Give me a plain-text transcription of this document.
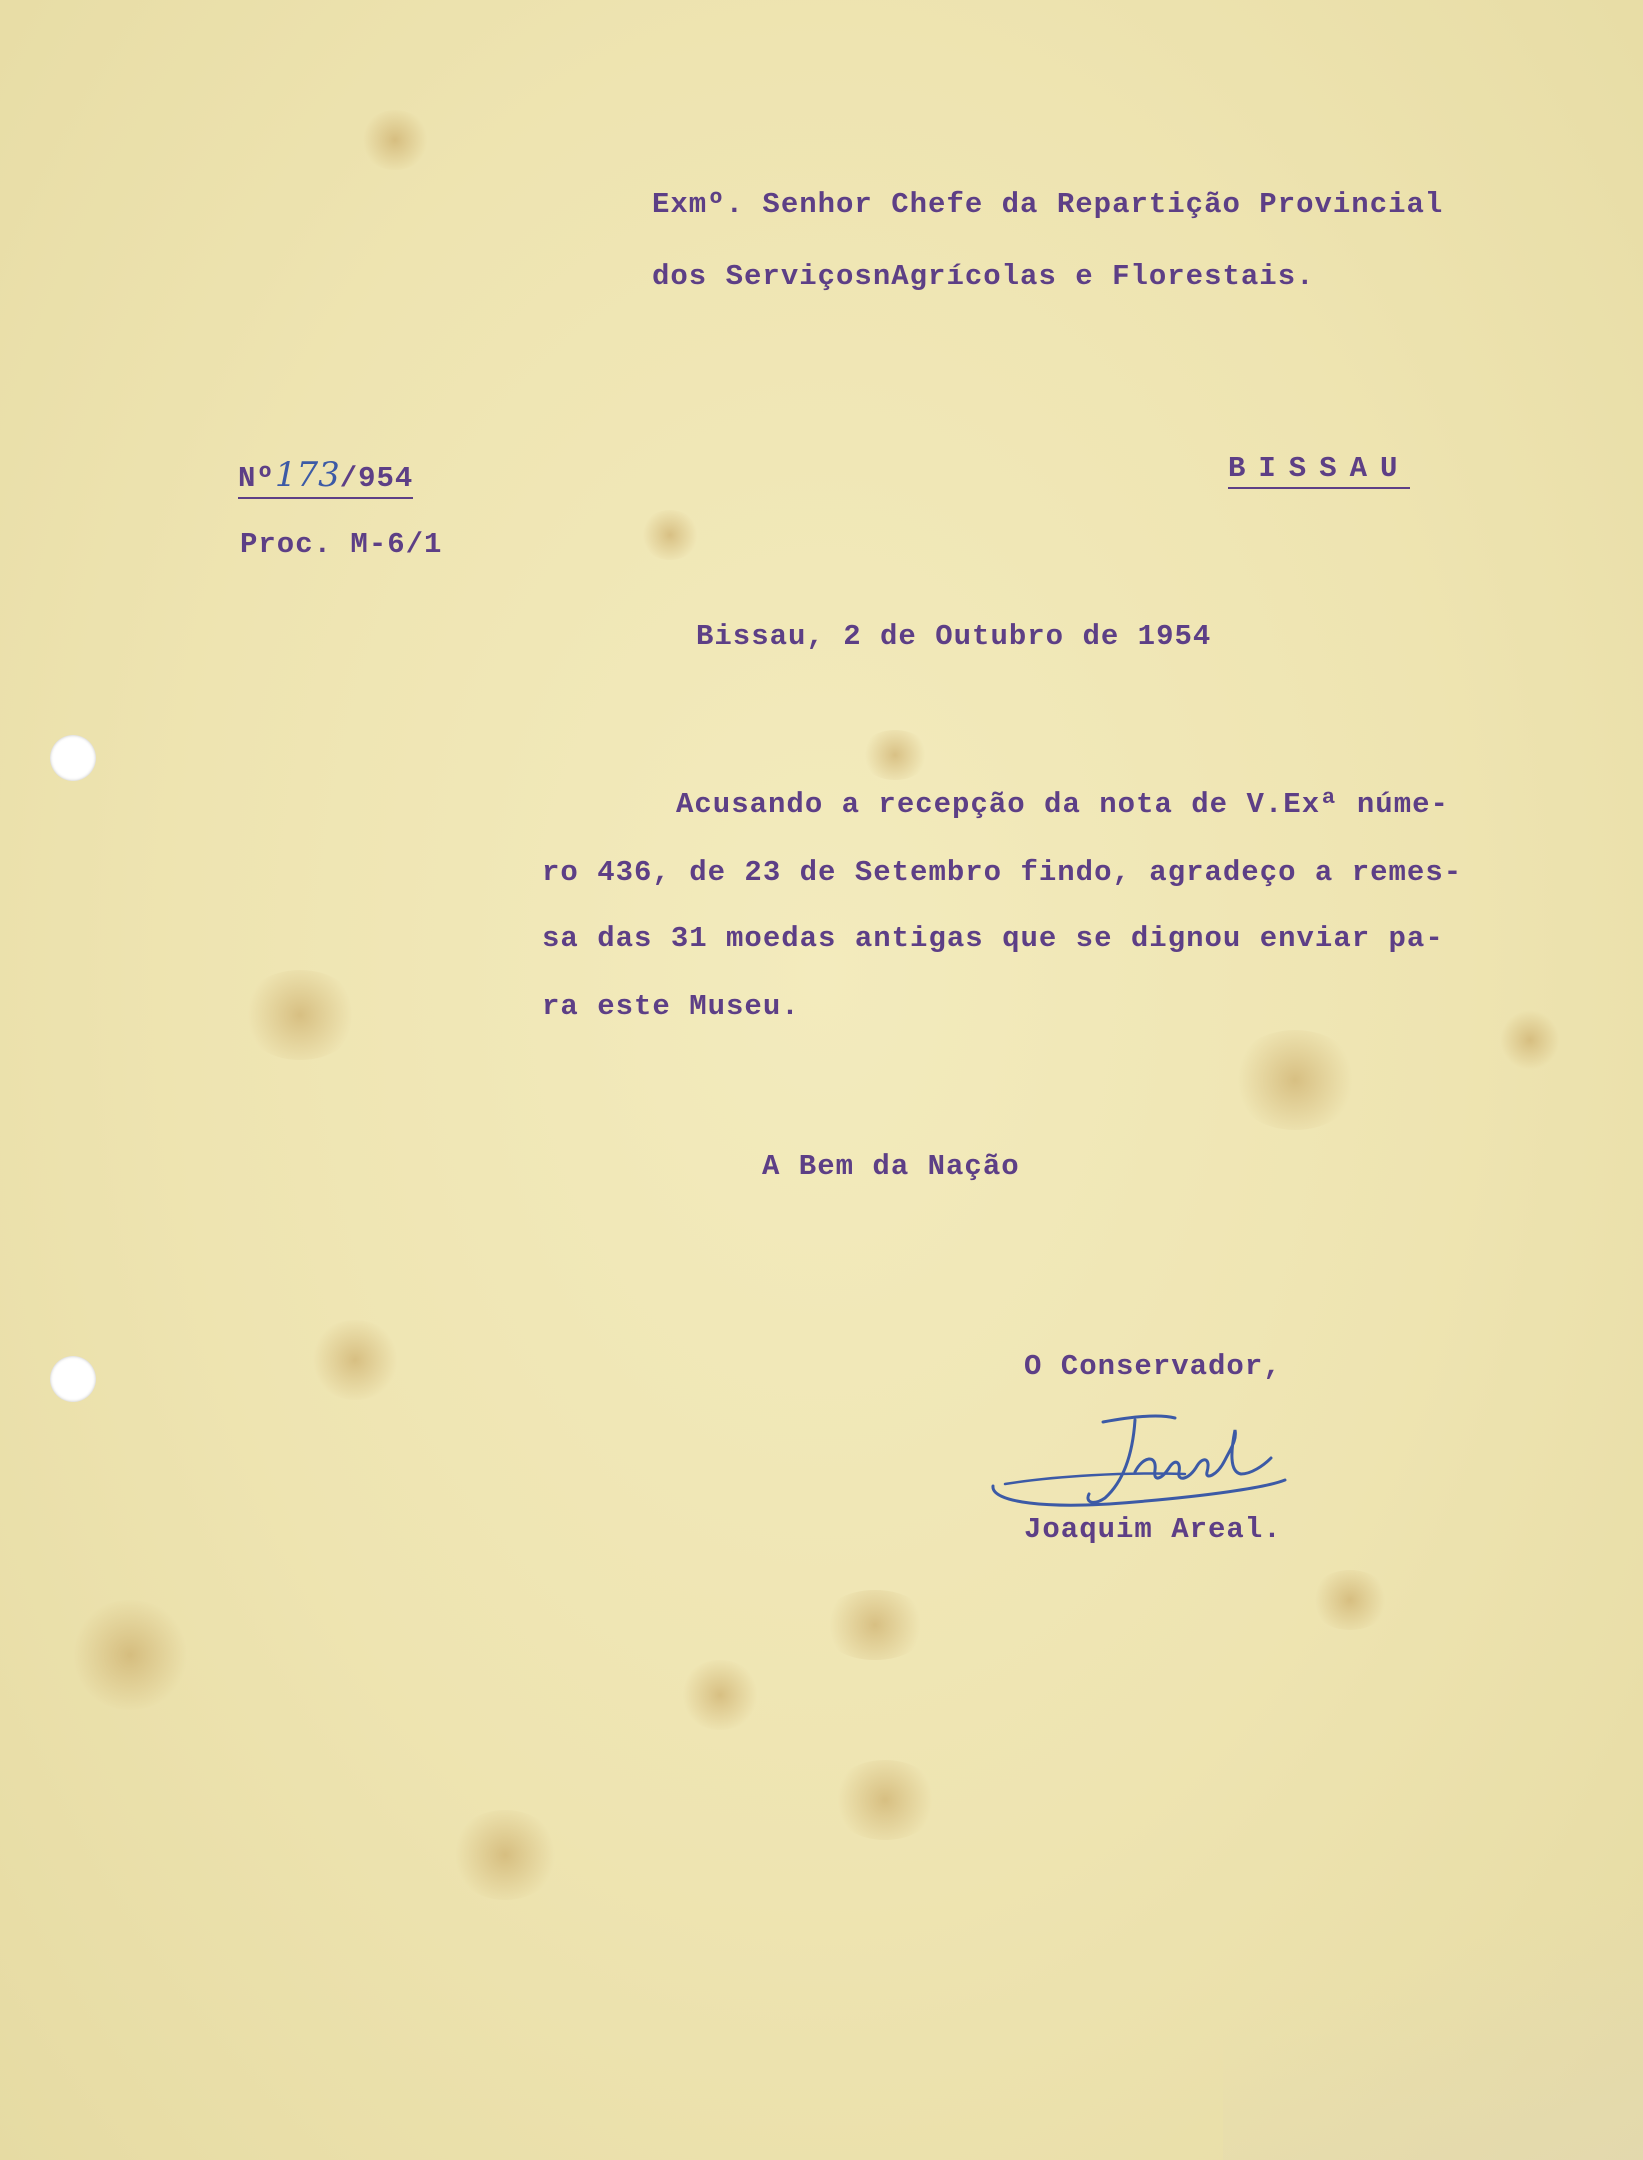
Exmº. Senhor Chefe da Repartição Provincial
dos ServiçosnAgrícolas e Florestais.
Nº173/954	BISSAU
Proc. M-6/1
Bissau, 2 de Outubro de 1954
Acusando a recepção da nota de V.Exª núme-
ro 436, de 23 de Setembro findo, agradeço a remes-
sa das 31 moedas antigas que se dignou enviar pa-
ra este Museu.
A Bem da Nação
O Conservador,
Joaquim Areal.
